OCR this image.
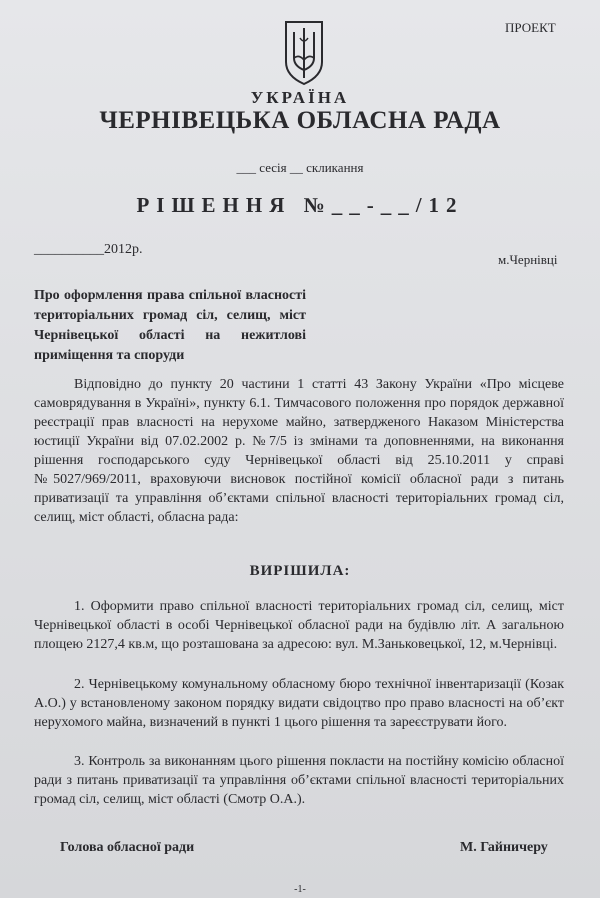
ПРОЕКТ
УКРАЇНА
ЧЕРНІВЕЦЬКА ОБЛАСНА РАДА
___ сесія __ скликання
РІШЕННЯ №__-__/12
__________2012р.
м.Чернівці
Про оформлення права спільної власності територіальних громад сіл, селищ, міст Чернівецької області на нежитлові приміщення та споруди
Відповідно до пункту 20 частини 1 статті 43 Закону України «Про місцеве самоврядування в Україні», пункту 6.1. Тимчасового положення про порядок державної реєстрації прав власності на нерухоме майно, затвердженого Наказом Міністерства юстиції України від 07.02.2002 р. №7/5 із змінами та доповненнями, на виконання рішення господарського суду Чернівецької області від 25.10.2011 у справі №5027/969/2011, враховуючи висновок постійної комісії обласної ради з питань приватизації та управління об’єктами спільної власності територіальних громад сіл, селищ, міст області, обласна рада:
ВИРІШИЛА:
1. Оформити право спільної власності територіальних громад сіл, селищ, міст Чернівецької області в особі Чернівецької обласної ради на будівлю літ. А загальною площею 2127,4 кв.м, що розташована за адресою: вул. М.Заньковецької, 12, м.Чернівці.
2. Чернівецькому комунальному обласному бюро технічної інвентаризації (Козак А.О.) у встановленому законом порядку видати свідоцтво про право власності на об’єкт нерухомого майна, визначений в пункті 1 цього рішення та зареєструвати його.
3. Контроль за виконанням цього рішення покласти на постійну комісію обласної ради з питань приватизації та управління об’єктами спільної власності територіальних громад сіл, селищ, міст області (Смотр О.А.).
Голова обласної ради	М. Гайничеру
-1-
